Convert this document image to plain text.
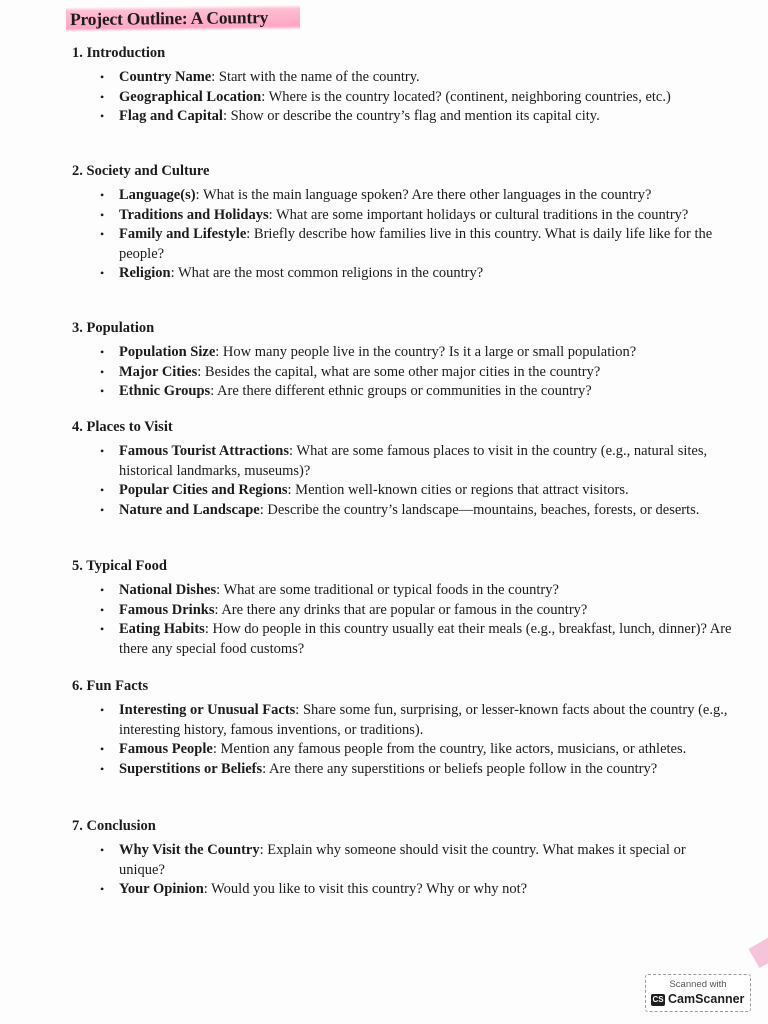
Project Outline: A Country
1. Introduction
• Country Name: Start with the name of the country.
• Geographical Location: Where is the country located? (continent, neighboring countries, etc.)
• Flag and Capital: Show or describe the country’s flag and mention its capital city.
2. Society and Culture
• Language(s): What is the main language spoken? Are there other languages in the country?
• Traditions and Holidays: What are some important holidays or cultural traditions in the country?
• Family and Lifestyle: Briefly describe how families live in this country. What is daily life like for the people?
• Religion: What are the most common religions in the country?
3. Population
• Population Size: How many people live in the country? Is it a large or small population?
• Major Cities: Besides the capital, what are some other major cities in the country?
• Ethnic Groups: Are there different ethnic groups or communities in the country?
4. Places to Visit
• Famous Tourist Attractions: What are some famous places to visit in the country (e.g., natural sites, historical landmarks, museums)?
• Popular Cities and Regions: Mention well-known cities or regions that attract visitors.
• Nature and Landscape: Describe the country’s landscape—mountains, beaches, forests, or deserts.
5. Typical Food
• National Dishes: What are some traditional or typical foods in the country?
• Famous Drinks: Are there any drinks that are popular or famous in the country?
• Eating Habits: How do people in this country usually eat their meals (e.g., breakfast, lunch, dinner)? Are there any special food customs?
6. Fun Facts
• Interesting or Unusual Facts: Share some fun, surprising, or lesser-known facts about the country (e.g., interesting history, famous inventions, or traditions).
• Famous People: Mention any famous people from the country, like actors, musicians, or athletes.
• Superstitions or Beliefs: Are there any superstitions or beliefs people follow in the country?
7. Conclusion
• Why Visit the Country: Explain why someone should visit the country. What makes it special or unique?
• Your Opinion: Would you like to visit this country? Why or why not?
Scanned with
CS CamScanner
